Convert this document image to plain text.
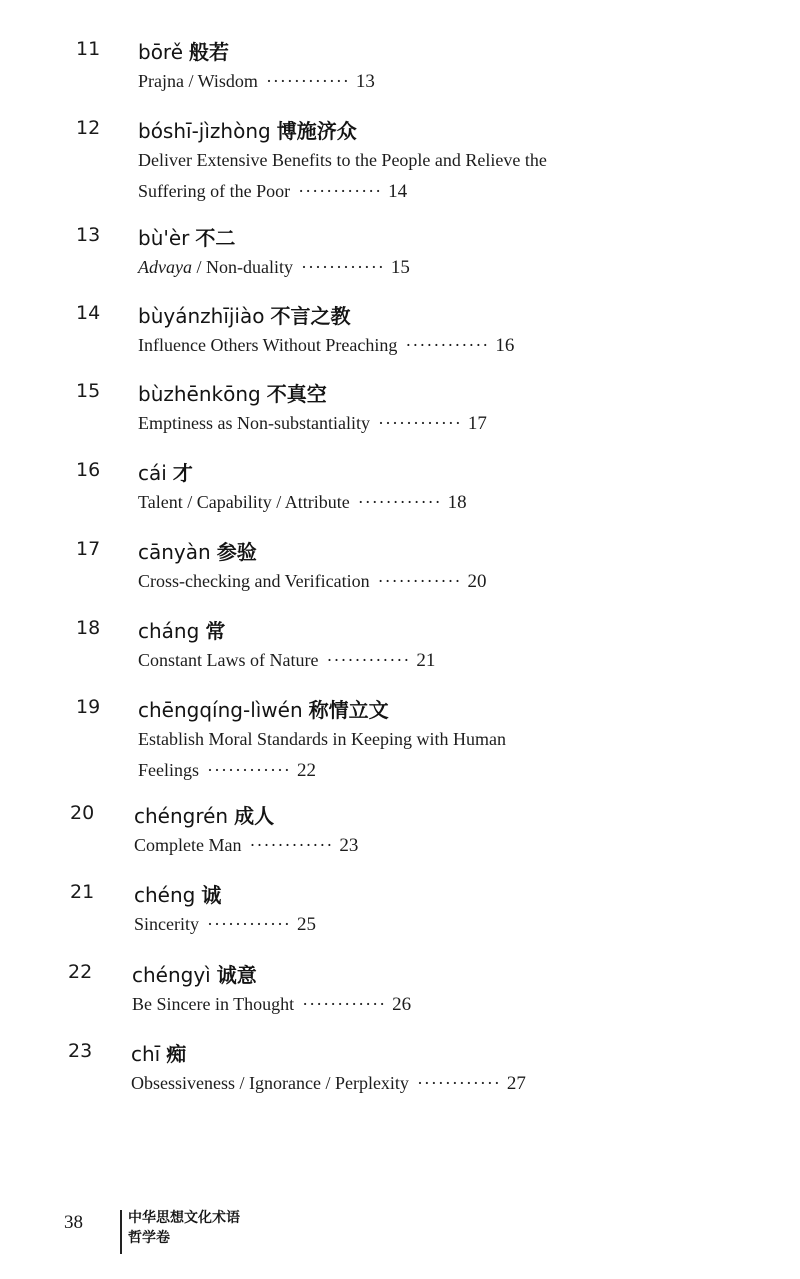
11 bōrě 般若
Prajna / Wisdom ············ 13
12 bóshī-jìzhòng 博施济众
Deliver Extensive Benefits to the People and Relieve the Suffering of the Poor ············ 14
13 bù'èr 不二
Advaya / Non-duality ············ 15
14 bùyánzhījiào 不言之教
Influence Others Without Preaching ············ 16
15 bùzhēnkōng 不真空
Emptiness as Non-substantiality ············ 17
16 cái 才
Talent / Capability / Attribute ············ 18
17 cānyàn 参验
Cross-checking and Verification ············ 20
18 cháng 常
Constant Laws of Nature ············ 21
19 chēngqíng-lìwén 称情立文
Establish Moral Standards in Keeping with Human Feelings ············ 22
20 chéngrén 成人
Complete Man ············ 23
21 chéng 诚
Sincerity ············ 25
22 chéngyì 诚意
Be Sincere in Thought ············ 26
23 chī 痴
Obsessiveness / Ignorance / Perplexity ············ 27
38	中华思想文化术语
哲学卷
